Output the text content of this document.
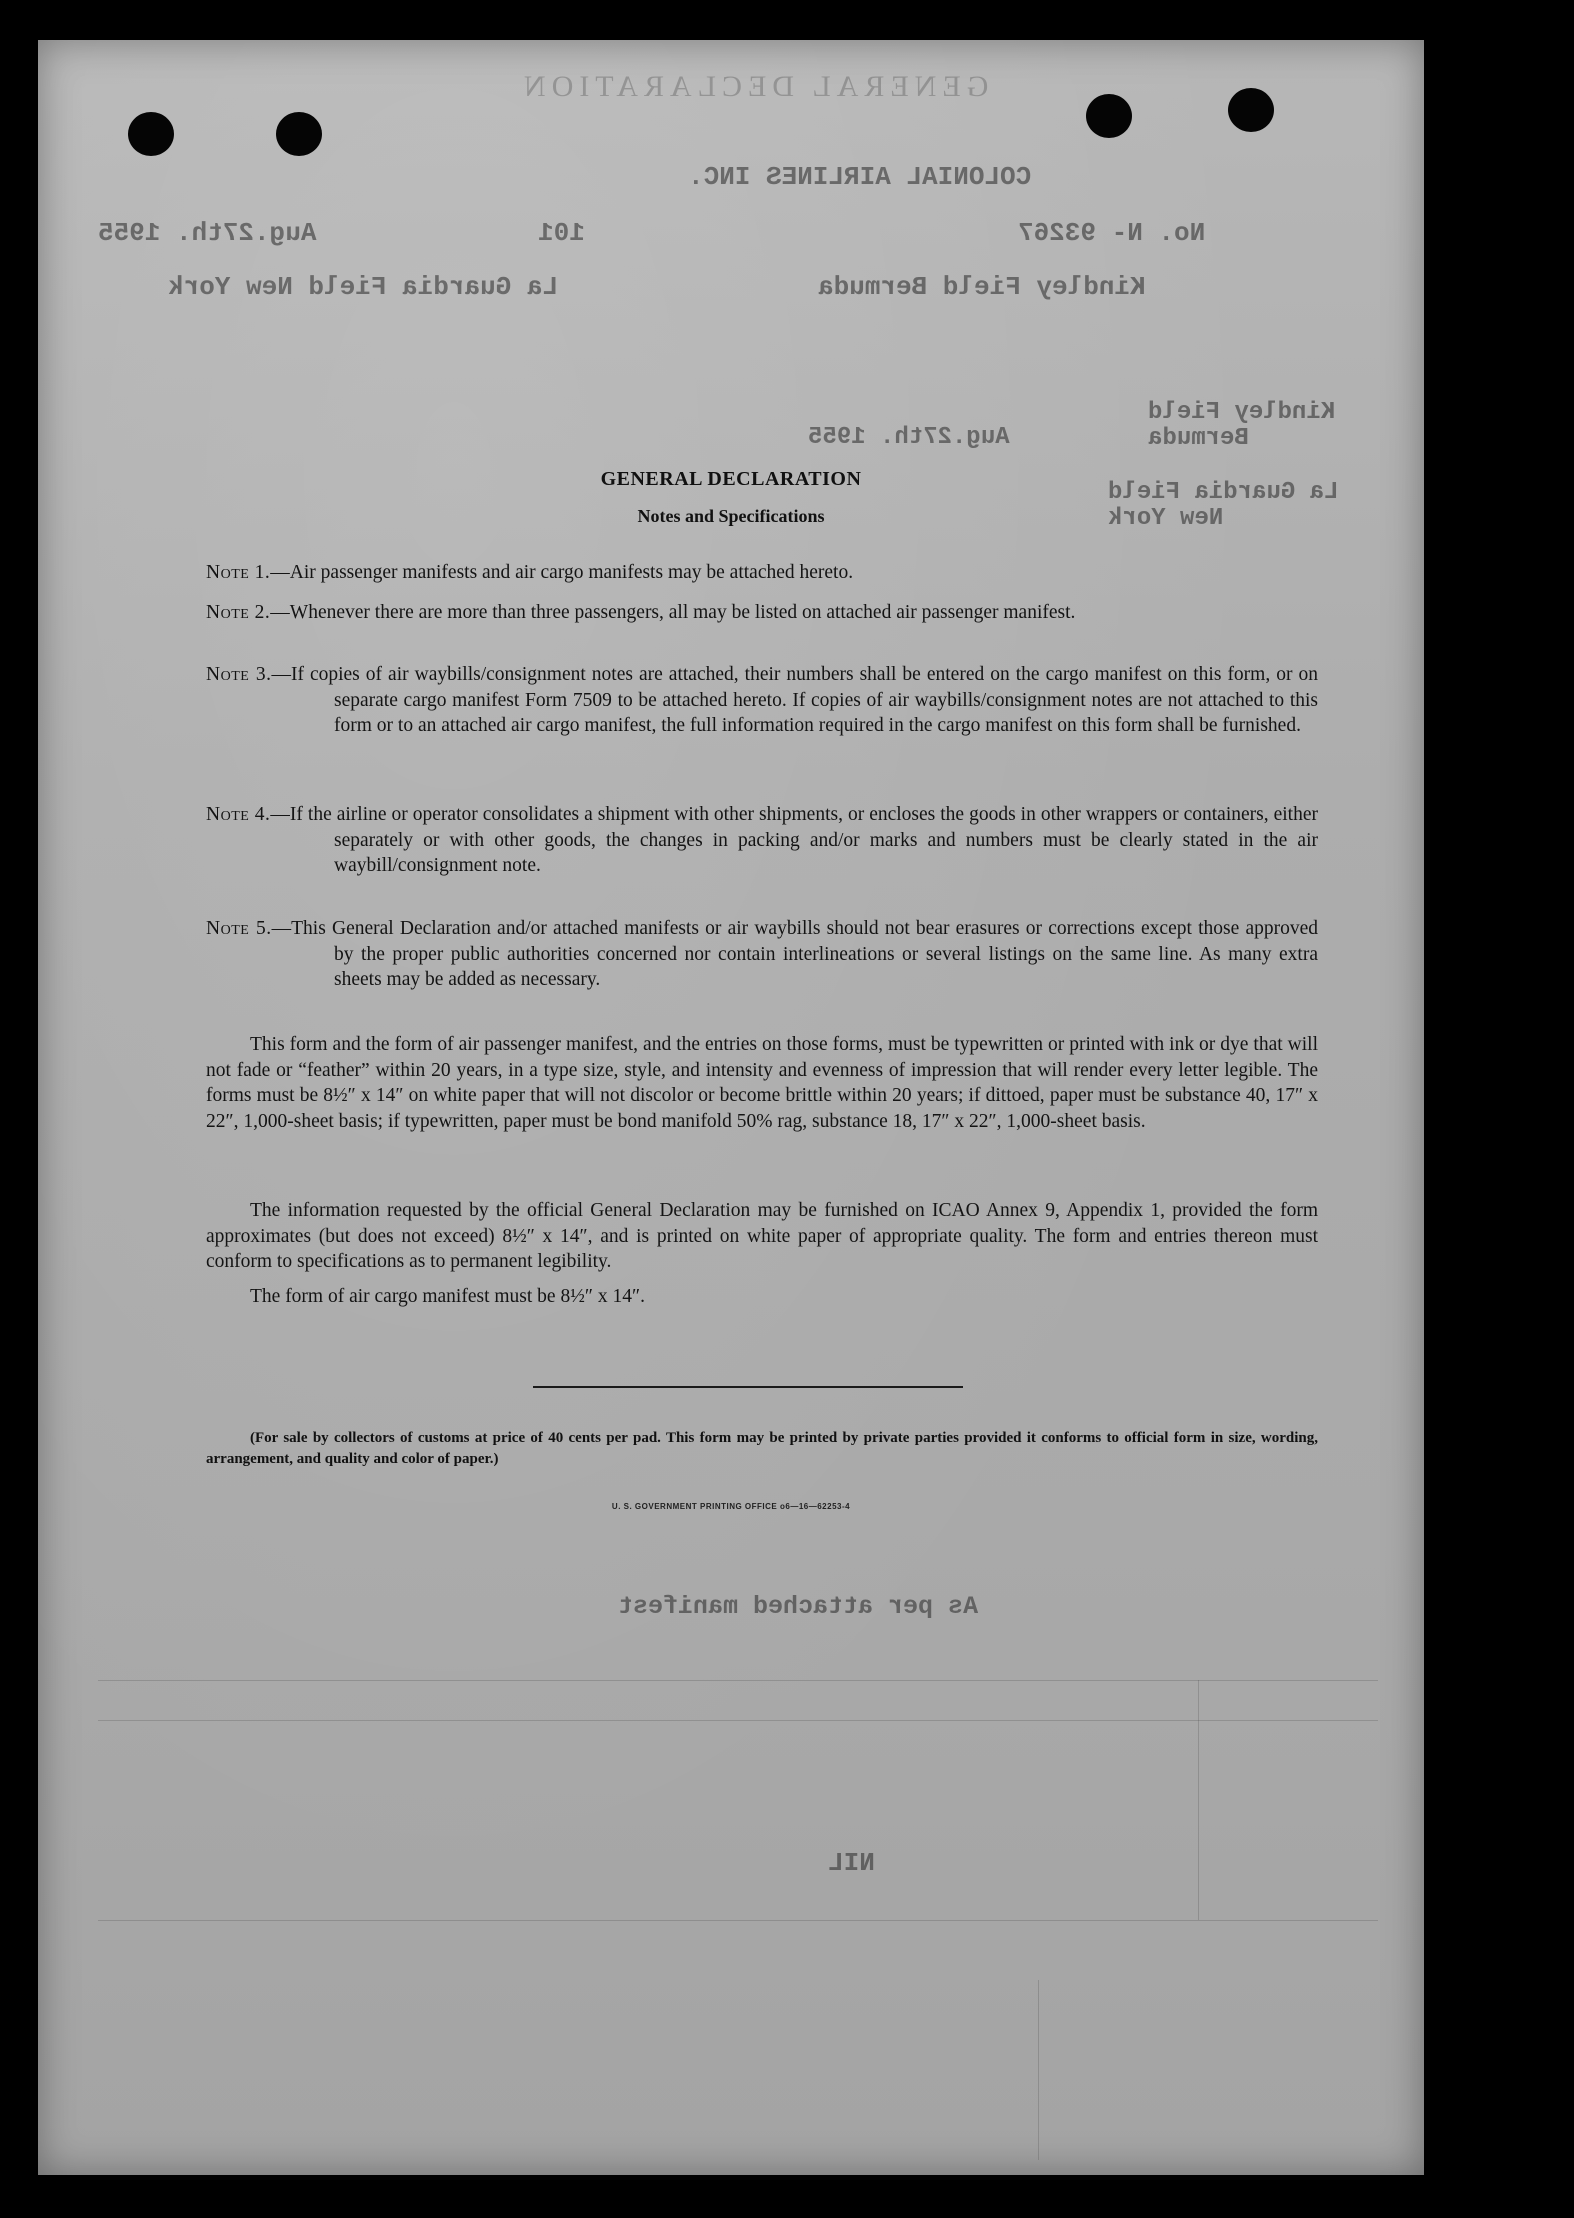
GENERAL DECLARATION
COLONIAL AIRLINES INC.
No. N- 93267
101
Aug.27th. 1955
Kindley Field Bermuda
La Guardia Field New York
Kindley Field Bermuda
Aug.27th. 1955
La Guardia Field New York
As per attached manifest
NIL
GENERAL DECLARATION
Notes and Specifications
Note 1.—Air passenger manifests and air cargo manifests may be attached hereto.
Note 2.—Whenever there are more than three passengers, all may be listed on attached air passenger manifest.
Note 3.—If copies of air waybills/consignment notes are attached, their numbers shall be entered on the cargo manifest on this form, or on separate cargo manifest Form 7509 to be attached hereto. If copies of air waybills/consignment notes are not attached to this form or to an attached air cargo manifest, the full information required in the cargo manifest on this form shall be furnished.
Note 4.—If the airline or operator consolidates a shipment with other shipments, or encloses the goods in other wrappers or containers, either separately or with other goods, the changes in packing and/or marks and numbers must be clearly stated in the air waybill/consignment note.
Note 5.—This General Declaration and/or attached manifests or air waybills should not bear erasures or corrections except those approved by the proper public authorities concerned nor contain interlineations or several listings on the same line. As many extra sheets may be added as necessary.
This form and the form of air passenger manifest, and the entries on those forms, must be typewritten or printed with ink or dye that will not fade or “feather” within 20 years, in a type size, style, and intensity and evenness of impression that will render every letter legible. The forms must be 8½″ x 14″ on white paper that will not discolor or become brittle within 20 years; if dittoed, paper must be substance 40, 17″ x 22″, 1,000-sheet basis; if typewritten, paper must be bond manifold 50% rag, substance 18, 17″ x 22″, 1,000-sheet basis.
The information requested by the official General Declaration may be furnished on ICAO Annex 9, Appendix 1, provided the form approximates (but does not exceed) 8½″ x 14″, and is printed on white paper of appropriate quality. The form and entries thereon must conform to specifications as to permanent legibility.
The form of air cargo manifest must be 8½″ x 14″.
(For sale by collectors of customs at price of 40 cents per pad. This form may be printed by private parties provided it conforms to official form in size, wording, arrangement, and quality and color of paper.)
U. S. GOVERNMENT PRINTING OFFICE o6—16—62253-4
